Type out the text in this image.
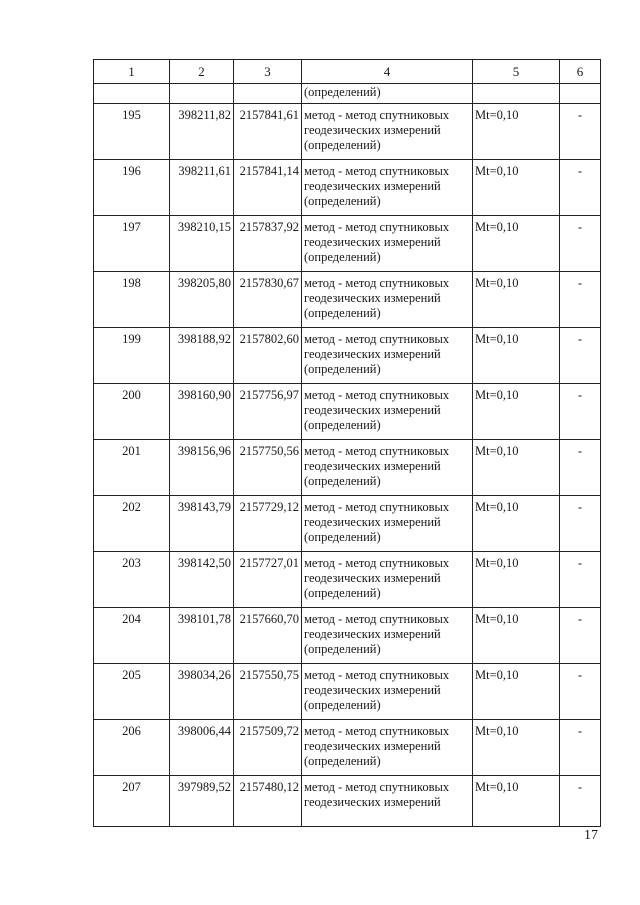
1	2	3	4	5	6
			(определений)		
195	398211,82	2157841,61	метод - метод спутниковых
геодезических измерений
(определений)	Mt=0,10	-
196	398211,61	2157841,14	метод - метод спутниковых
геодезических измерений
(определений)	Mt=0,10	-
197	398210,15	2157837,92	метод - метод спутниковых
геодезических измерений
(определений)	Mt=0,10	-
198	398205,80	2157830,67	метод - метод спутниковых
геодезических измерений
(определений)	Mt=0,10	-
199	398188,92	2157802,60	метод - метод спутниковых
геодезических измерений
(определений)	Mt=0,10	-
200	398160,90	2157756,97	метод - метод спутниковых
геодезических измерений
(определений)	Mt=0,10	-
201	398156,96	2157750,56	метод - метод спутниковых
геодезических измерений
(определений)	Mt=0,10	-
202	398143,79	2157729,12	метод - метод спутниковых
геодезических измерений
(определений)	Mt=0,10	-
203	398142,50	2157727,01	метод - метод спутниковых
геодезических измерений
(определений)	Mt=0,10	-
204	398101,78	2157660,70	метод - метод спутниковых
геодезических измерений
(определений)	Mt=0,10	-
205	398034,26	2157550,75	метод - метод спутниковых
геодезических измерений
(определений)	Mt=0,10	-
206	398006,44	2157509,72	метод - метод спутниковых
геодезических измерений
(определений)	Mt=0,10	-
207	397989,52	2157480,12	метод - метод спутниковых
геодезических измерений	Mt=0,10	-
17
